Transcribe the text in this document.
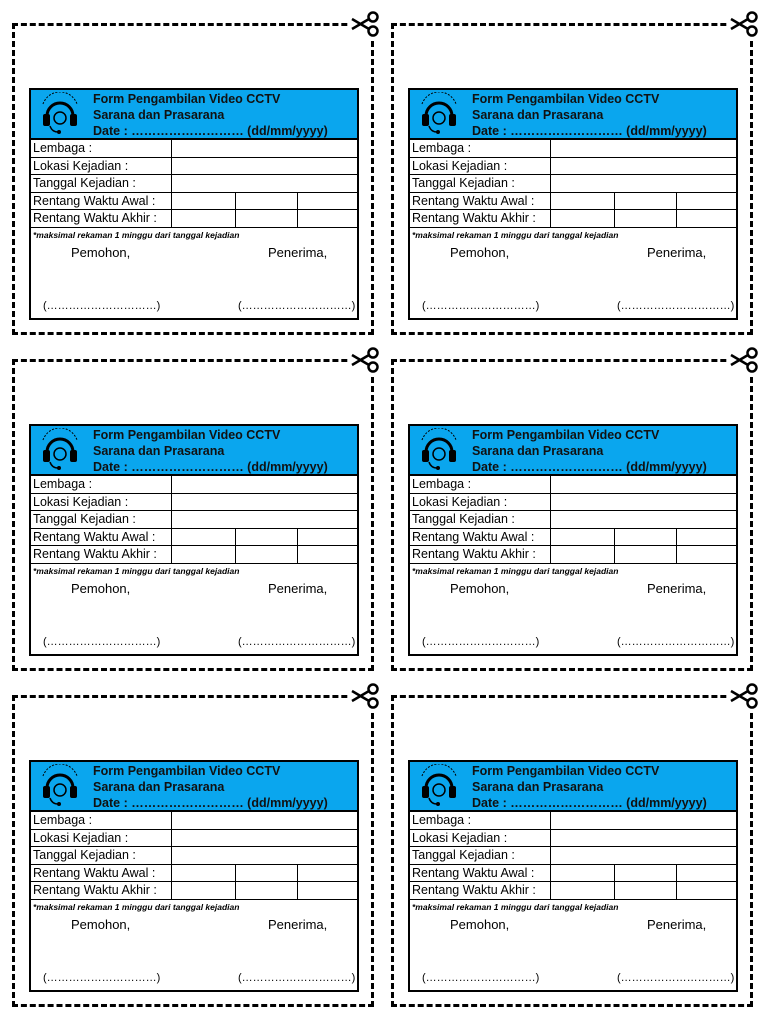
Form Pengambilan Video CCTV
Sarana dan Prasarana
Date : ……………………… (dd/mm/yyyy)
Lembaga :
Lokasi Kejadian :
Tanggal Kejadian :
Rentang Waktu Awal :
Rentang Waktu Akhir :
*maksimal rekaman 1 minggu dari tanggal kejadian
Pemohon,	Penerima,
(…………………………)	(…………………………)
Form Pengambilan Video CCTV
Sarana dan Prasarana
Date : ……………………… (dd/mm/yyyy)
Lembaga :
Lokasi Kejadian :
Tanggal Kejadian :
Rentang Waktu Awal :
Rentang Waktu Akhir :
*maksimal rekaman 1 minggu dari tanggal kejadian
Pemohon,	Penerima,
(…………………………)	(…………………………)
Form Pengambilan Video CCTV
Sarana dan Prasarana
Date : ……………………… (dd/mm/yyyy)
Lembaga :
Lokasi Kejadian :
Tanggal Kejadian :
Rentang Waktu Awal :
Rentang Waktu Akhir :
*maksimal rekaman 1 minggu dari tanggal kejadian
Pemohon,	Penerima,
(…………………………)	(…………………………)
Form Pengambilan Video CCTV
Sarana dan Prasarana
Date : ……………………… (dd/mm/yyyy)
Lembaga :
Lokasi Kejadian :
Tanggal Kejadian :
Rentang Waktu Awal :
Rentang Waktu Akhir :
*maksimal rekaman 1 minggu dari tanggal kejadian
Pemohon,	Penerima,
(…………………………)	(…………………………)
Form Pengambilan Video CCTV
Sarana dan Prasarana
Date : ……………………… (dd/mm/yyyy)
Lembaga :
Lokasi Kejadian :
Tanggal Kejadian :
Rentang Waktu Awal :
Rentang Waktu Akhir :
*maksimal rekaman 1 minggu dari tanggal kejadian
Pemohon,	Penerima,
(…………………………)	(…………………………)
Form Pengambilan Video CCTV
Sarana dan Prasarana
Date : ……………………… (dd/mm/yyyy)
Lembaga :
Lokasi Kejadian :
Tanggal Kejadian :
Rentang Waktu Awal :
Rentang Waktu Akhir :
*maksimal rekaman 1 minggu dari tanggal kejadian
Pemohon,	Penerima,
(…………………………)	(…………………………)
